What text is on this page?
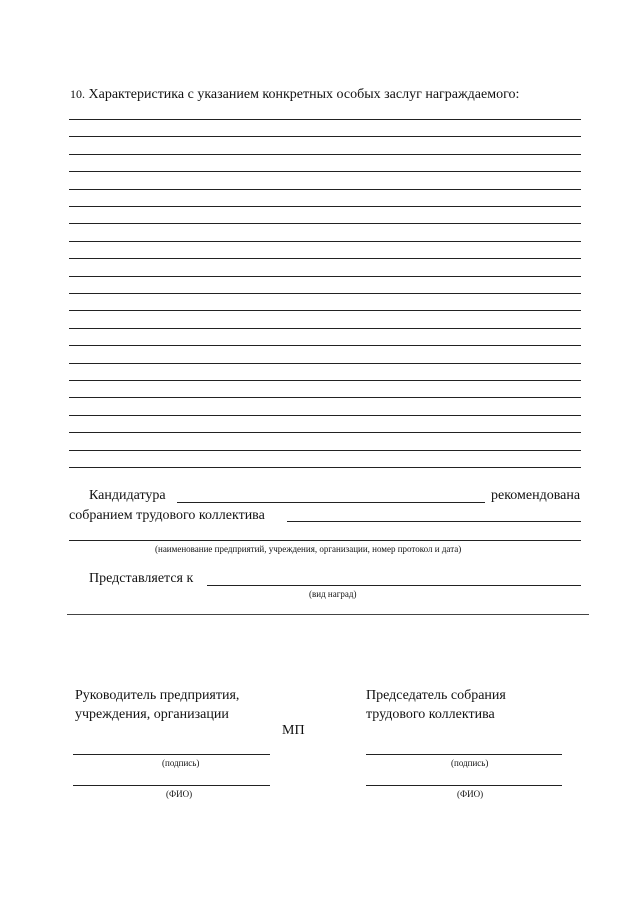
10. Характеристика с указанием конкретных особых заслуг награждаемого:
Кандидатура	рекомендована
собранием трудового коллектива
(наименование предприятий, учреждения, организации, номер протокол и дата)
Представляется к
(вид наград)
Руководитель предприятия,
учреждения, организации
МП
Председатель собрания
трудового коллектива
(подпись)
(ФИО)
(подпись)
(ФИО)
